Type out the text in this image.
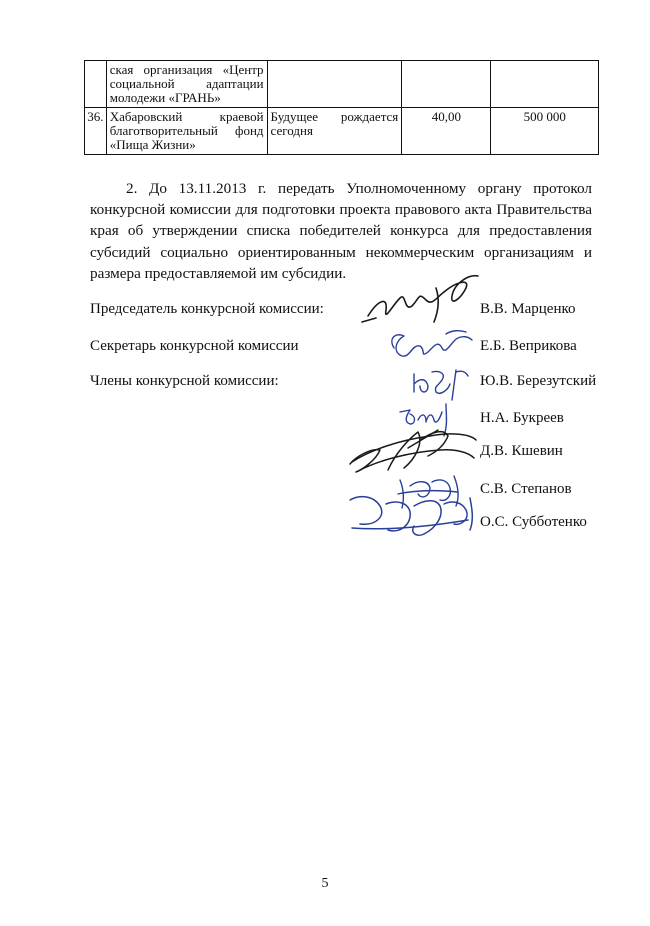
	ская организация «Центр социальной адаптации молодежи «ГРАНЬ»			
36.	Хабаровский краевой благотворительный фонд «Пища Жизни»	Будущее рождается сегодня	40,00	500 000
2. До 13.11.2013 г. передать Уполномоченному органу протокол конкурсной комиссии для подготовки проекта правового акта Правительства края об утверждении списка победителей конкурса для предоставления субсидий социально ориентированным некоммерческим организациям и размера предоставляемой им субсидии.
Председатель конкурсной комиссии:	В.В. Марценко
Секретарь конкурсной комиссии	Е.Б. Веприкова
Члены конкурсной комиссии:	Ю.В. Березутский
Н.А. Букреев
Д.В. Кшевин
С.В. Степанов
О.С. Субботенко
5
